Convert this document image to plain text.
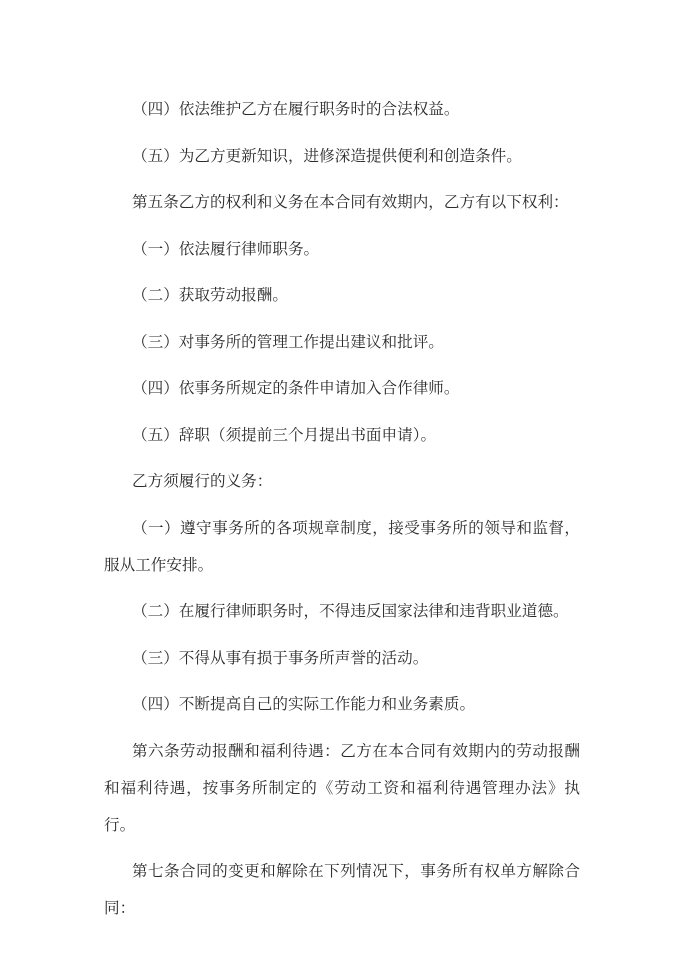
（四）依法维护乙方在履行职务时的合法权益。

（五）为乙方更新知识，进修深造提供便利和创造条件。

第五条乙方的权利和义务在本合同有效期内，乙方有以下权利：

（一）依法履行律师职务。

（二）获取劳动报酬。

（三）对事务所的管理工作提出建议和批评。

（四）依事务所规定的条件申请加入合作律师。

（五）辞职（须提前三个月提出书面申请）。

乙方须履行的义务：

（一）遵守事务所的各项规章制度，接受事务所的领导和监督，服从工作安排。

（二）在履行律师职务时，不得违反国家法律和违背职业道德。

（三）不得从事有损于事务所声誉的活动。

（四）不断提高自己的实际工作能力和业务素质。

第六条劳动报酬和福利待遇：乙方在本合同有效期内的劳动报酬和福利待遇，按事务所制定的《劳动工资和福利待遇管理办法》执行。

第七条合同的变更和解除在下列情况下，事务所有权单方解除合同：
